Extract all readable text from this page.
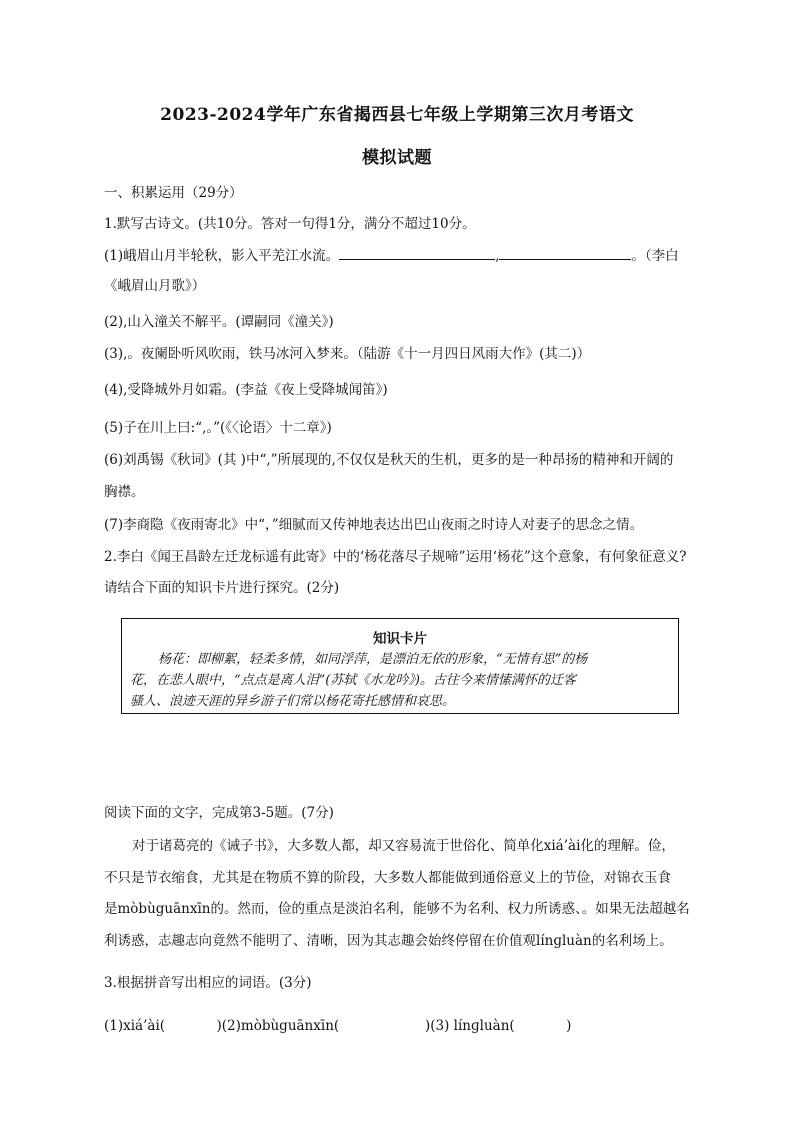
2023-2024学年广东省揭西县七年级上学期第三次月考语文
模拟试题
一、积累运用（29分）
1.默写古诗文。(共10分。答对一句得1分，满分不超过10分。
(1)峨眉山月半轮秋，影入平羌江水流。	,	。（李白
《峨眉山月歌》）
(2),山入潼关不解平。(谭嗣同《潼关》)
(3),。夜阑卧听风吹雨，铁马冰河入梦来。（陆游《十一月四日风雨大作》(其二)）
(4),受降城外月如霜。(李益《夜上受降城闻笛》)
(5)子在川上曰:“,。”(《〈论语〉十二章》)
(6)刘禹锡《秋词》(其 )中“,”所展现的,不仅仅是秋天的生机，更多的是一种昂扬的精神和开阔的
胸襟。
(7)李商隐《夜雨寄北》中“，”细腻而又传神地表达出巴山夜雨之时诗人对妻子的思念之情。
2.李白《闻王昌龄左迁龙标遥有此寄》中的‘杨花落尽子规啼”运用‘杨花”这个意象，有何象征意义?
请结合下面的知识卡片进行探究。(2分)
知识卡片
杨花：即柳絮，轻柔多情，如同浮萍，是漂泊无依的形象，“无情有思”的杨
花，在悲人眼中，“点点是离人泪”(苏轼《水龙吟》)。古往今来情愫满怀的迁客
骚人、浪迹天涯的异乡游子们常以杨花寄托感情和哀思。
阅读下面的文字，完成第3-5题。(7分)
对于诸葛亮的《诫子书》，大多数人都，却又容易流于世俗化、简单化xiá’ài化的理解。俭，
不只是节衣缩食，尤其是在物质不算的阶段，大多数人都能做到通俗意义上的节俭，对锦衣玉食
是mòbùguānxīn的。然而，俭的重点是淡泊名利，能够不为名利、权力所诱惑、。如果无法超越名
利诱惑，志趣志向竟然不能明了、清晰，因为其志趣会始终停留在价值观línɡluàn的名利场上。
3.根据拼音写出相应的词语。(3分)
(1)xiá’ài(            )(2)mòbùguānxīn(                    )(3) línɡluàn(            )
